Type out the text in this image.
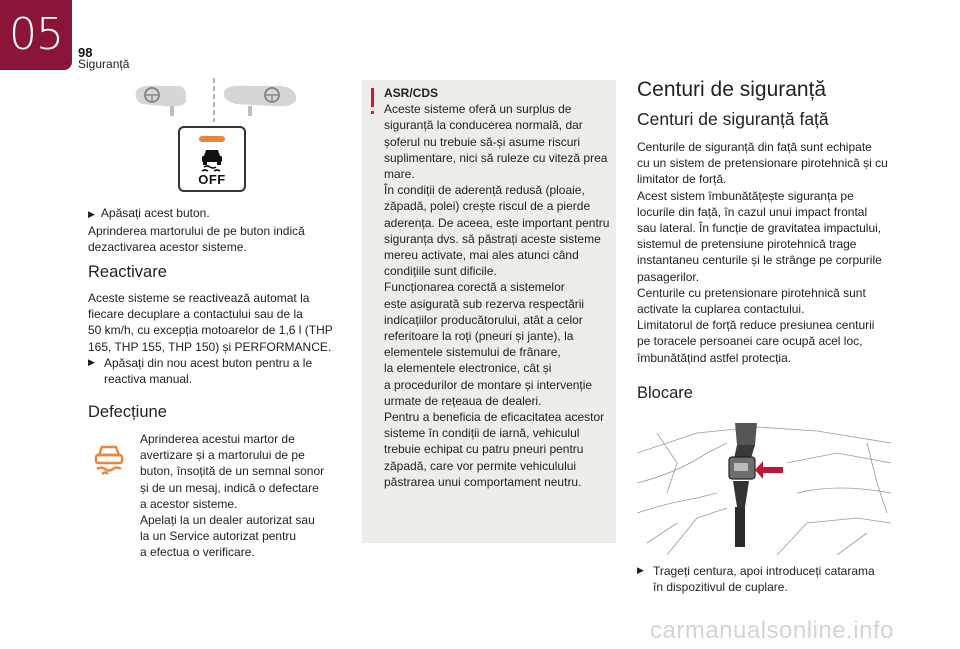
05	98
Siguranță
OFF

▶ Apăsați acest buton.
Aprinderea martorului de pe buton indică
dezactivarea acestor sisteme.

Reactivare

Aceste sisteme se reactivează automat la
fiecare decuplare a contactului sau de la
50 km/h, cu excepția motoarelor de 1,6 l (THP
165, THP 155, THP 150) și PERFORMANCE.

▶ Apăsați din nou acest buton pentru a le
reactiva manual.

Defecțiune

Aprinderea acestui martor de
avertizare și a martorului de pe
buton, însoțită de un semnal sonor
și de un mesaj, indică o defectare
a acestor sisteme.
Apelați la un dealer autorizat sau
la un Service autorizat pentru
a efectua o verificare.

ASR/CDS

Aceste sisteme oferă un surplus de
siguranță la conducerea normală, dar
șoferul nu trebuie să-și asume riscuri
suplimentare, nici să ruleze cu viteză prea
mare.
În condiții de aderență redusă (ploaie,
zăpadă, polei) crește riscul de a pierde
aderența. De aceea, este important pentru
siguranța dvs. să păstrați aceste sisteme
mereu activate, mai ales atunci când
condițiile sunt dificile.
Funcționarea corectă a sistemelor
este asigurată sub rezerva respectării
indicațiilor producătorului, atât a celor
referitoare la roți (pneuri și jante), la
elementele sistemului de frânare,
la elementele electronice, cât și
a procedurilor de montare și intervenție
urmate de rețeaua de dealeri.
Pentru a beneficia de eficacitatea acestor
sisteme în condiții de iarnă, vehiculul
trebuie echipat cu patru pneuri pentru
zăpadă, care vor permite vehiculului
păstrarea unui comportament neutru.

Centuri de siguranță
Centuri de siguranță față

Centurile de siguranță din față sunt echipate
cu un sistem de pretensionare pirotehnică și cu
limitator de forță.
Acest sistem îmbunătățește siguranța pe
locurile din față, în cazul unui impact frontal
sau lateral. În funcție de gravitatea impactului,
sistemul de pretensiune pirotehnică trage
instantaneu centurile și le strânge pe corpurile
pasagerilor.
Centurile cu pretensionare pirotehnică sunt
activate la cuplarea contactului.
Limitatorul de forță reduce presiunea centurii
pe toracele persoanei care ocupă acel loc,
îmbunătățind astfel protecția.

Blocare
▶ Trageți centura, apoi introduceți catarama
în dispozitivul de cuplare.

carmanualsonline.info
